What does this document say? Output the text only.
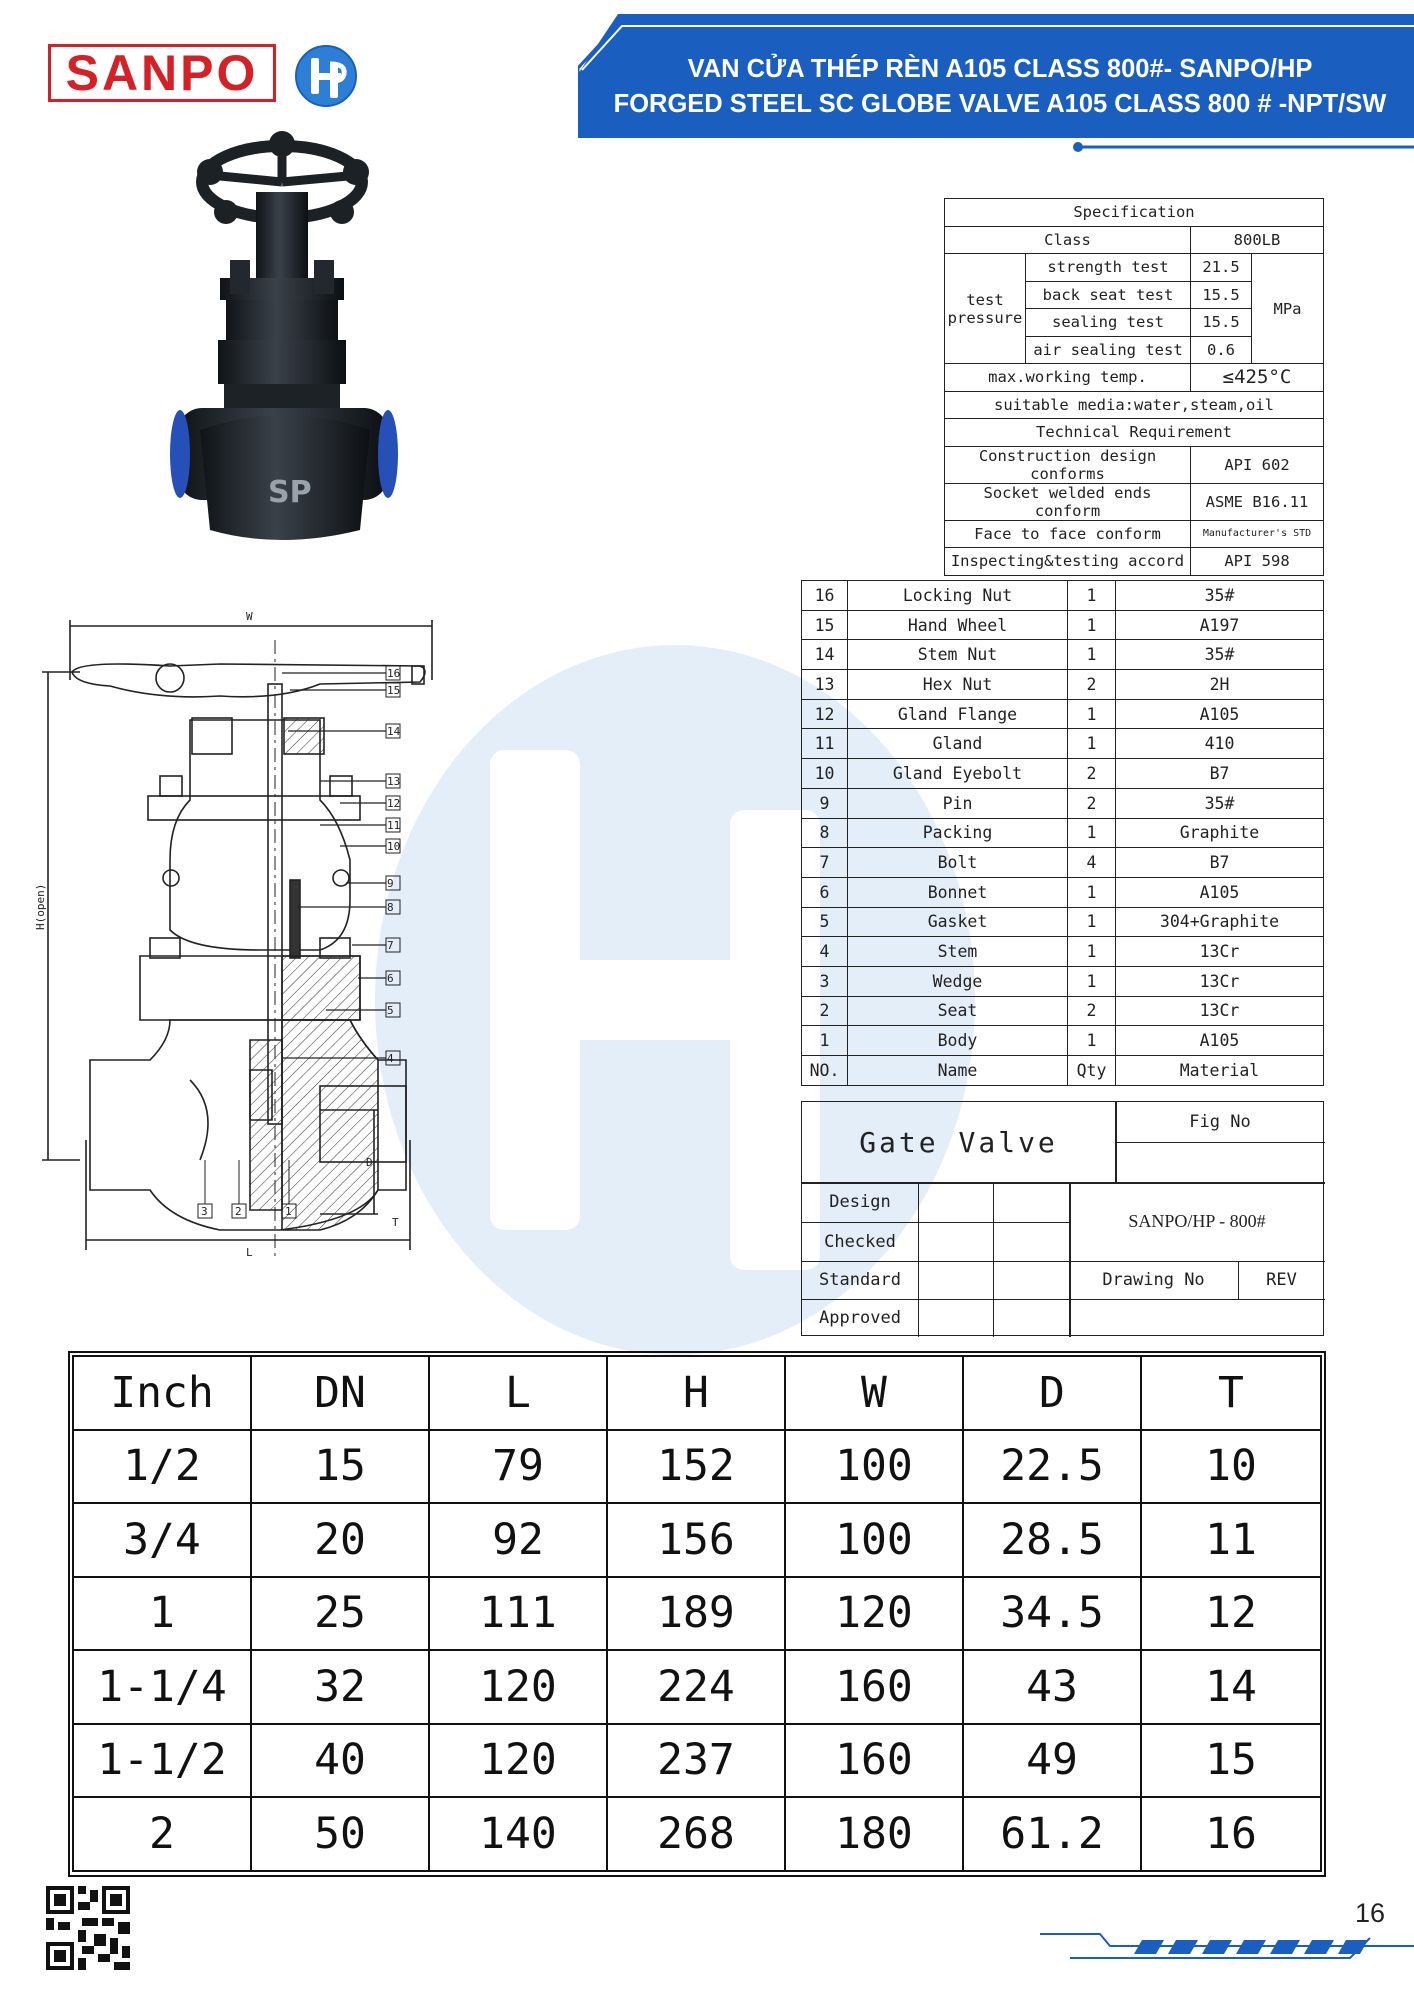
SANPO	VAN CỬA THÉP RÈN A105 CLASS 800#- SANPO/HP
FORGED STEEL SC GLOBE VALVE A105 CLASS 800 # -NPT/SW
SP
H(open)
W
L
D
T
16
15
14
13
12
11
10
9
8
7
6
5
4
3 2	1
Specification			
Class		800LB	

test
pressure	strength test	21.5	MPa
	back seat test	15.5	
	sealing test	15.5	
	air sealing test	0.6	
max.working temp.		≤425°C	
suitable media:water,steam,oil			
Technical Requirement			
Construction design conforms		API 602	
Socket welded ends conform		ASME B16.11	
Face to face conform		Manufacturer's STD	
Inspecting&testing accord		API 598	
16	Locking Nut	1	35#
15	Hand Wheel	1	A197
14	Stem Nut	1	35#
13	Hex Nut	2	2H
12	Gland Flange	1	A105
11	Gland	1	410
10	Gland Eyebolt	2	B7
9	Pin	2	35#
8	Packing	1	Graphite
7	Bolt	4	B7
6	Bonnet	1	A105
5	Gasket	1	304+Graphite
4	Stem	1	13Cr
3	Wedge	1	13Cr
2	Seat	2	13Cr
1	Body	1	A105
NO.	Name	Qty	Material
Gate Valve
Fig No
Design
Checked
Standard
Approved
SANPO/HP - 800#
Drawing No	REV
Inch	DN	L	H	W	D	T
1/2	15	79	152	100	22.5	10
3/4	20	92	156	100	28.5	11
1	25	111	189	120	34.5	12
1-1/4	32	120	224	160	43	14
1-1/2	40	120	237	160	49	15
2	50	140	268	180	61.2	16
16
